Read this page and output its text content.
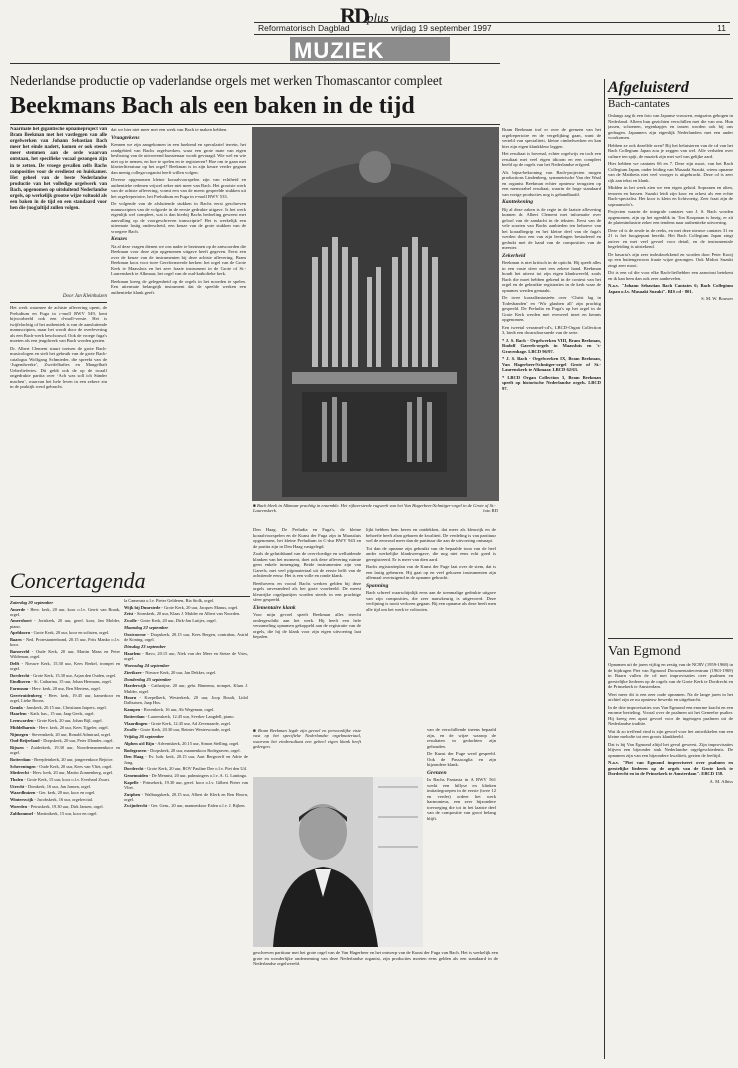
R
D
plus
Reformatorisch Dagblad	vrijdag 19 september 1997	11
MUZIEK
Nederlandse productie op vaderlandse orgels met werken Thomascantor compleet
Beekmans Bach als een baken in de tijd
Naarmate het gigantische opnameproject van Bram Beekman met het vastleggen van alle orgelwerken van Johann Sebastian Bach meer het einde nadert, komen er ook steeds meer stemmen aan de orde waarvan ontstaan, het specifieke vocaal gezongen zijn in te zetten. De vroege gevallen zelfs Bachs composities voor de eredienst en huiskamer. Het geheel van de beste Nederlandse productie van het volledige orgelwerk van Bach, opgenomen op uitsluitend Nederlandse orgels, op werkelijk grootse wijze voltooid als een baken in de tijd en een standaard voor hen die (nog)altijd zullen volgen.
Door Jan Kleinhuizen

Het werk waarmee de achtste aflevering opent, de Preludium en Fuga in c-moll BWV 549, kent bijvoorbeeld ook een d-moll-versie. Het is twijfelachtig of het authentiek is van de aansluitende manuscripten, maar het wordt door de overlevering als een Bach-werk beschouwd. Ook de vroege fuga's moeten als een jeugdwerk van Bach worden gezien.

Dr. Albert Clement stuurt toetsen de grote Bach-musicologen en stelt het gebruik van de grote Bach-catalogus Wolfgang Schmieder, die spreekt van de ‘Jugendwerke’, Zweifelhaftes en Mangelhaft Ueberliefertes. Dit geldt ook de op de twaalf ongedrukte partita over ‘Ach was soll ich Sünder machen’, waarvan het hele leven in een zekere zin in de praktijk werd gebracht.

dat we hier niet meer met een werk van Bach te maken hebben.

Vraagtekens

Kennen we zijn aangekomen in een hoekend en specularief terrein, het randgebied van Bachs orgelwerken, waar een grote mate van eigen beslissing van de uitvoerend kunstenaar wordt gevraagd. Wie wel en wie niet op te nemen, en hoe te spelen en te registreren? Hoe om te gaan met klavierliteratuur op het orgel? Beekman is in zijn keuze verder gegaan dan menig collega-organist heeft willen volgen.

Diverse opgenomen kleine koraalvoorspelen zijn van echtheid en authentieke redenen vrijwel zeker niet meer van Bach. Het grootste werk van de achtste aflevering, vormt een van de meest gespeelde stukken uit het orgelrepertoire, het Preludium en Fuga in e-moll BWV 533.

De volgende van de afsluitende stukken in Bachs eerst geschreven manuscripten van de volgorde in de eerste gedrukte uitgave. Is het werk eigenlijk wel compleet, wat is dan hierbij Bachs bedoeling geweest met aanvulling op de voorgeschreven transcriptie? Het is werkelijk een uitermate lastig onderscheid, een keuze van de grote stukken van de vroegere Bach.

Keuzes

Na al deze vragen dienen we ons nader te bezinnen op de antwoorden die Beekman voor deze zijn opgenomen uitgave heeft gegeven. Eerst een over de keuze van de instrumenten bij deze achtste aflevering. Bram Beekman koos voor twee Gereformeerde kerken: het orgel van de Grote Kerk te Maassluis en het zeer fraaie instrument in de Grote of St.-Laurenskerk te Alkmaar, het orgel van de oud-katholieke kerk.

Beekman kreeg de gelegenheid op de orgels in het noorden te spelen. Een uitermate belangrijk instrument dat de speelde werken een authentieke klank geeft.

Den Haag. De Preludia en Fuga's, de kleine koraalvoorspelen en de Kunst der Fuga zijn in Maassluis opgenomen, het kleine Preludium in C-dur BWV 943 en de partita zijn in Den Haag vastgelegd.

Zoals de geluidsband van de overvloedige en welluidende klanken van het moment, doet ook deze aflevering ruimte geen enkele inmenging. Beide instrumenten zijn van Garrels, met veel pijpmateriaal uit de eerste helft van de achttiende eeuw. Het is een volle en ronde klank.

Beethovens en vooral Bachs werken gelden bij deze orgels onveranderd als het grote voorbeeld. De meest kleurrijke orgelpartijen worden steeds in een prachtige sfeer gespeeld.

Elementaire klank

Voor mijn gevoel speelt Beekman alles terecht ondergeschikt aan het werk. Hij heeft een hele verzameling opnamen gekoppeld aan de registratie van de orgels, die hij de klank voor zijn eigen uitvoering laat bepalen.

lijkt hebben hem keren en ontdekken, dat meer als kleurrijk en de behoefte heeft alsm gebaren de kwaliteit. De verdeling is van partituur wel de eenvoud meer dan de partituur die aan de uitvoering ontsnapt.

Tot dan de opname zijn gebruikt van de bepaalde toon van de heel ander werkelijke klankweergave, die nog niet eens echt goed is geregistreerd. Er is meer van dien aard.

Bachs registratieplan van de Kunst der Fuge laat over de stem, dat is een lastig gebeuren. Hij gaat op en veel gekozen instrumenten zijn allemaal overtuigend in de opname gebracht.

Spanning

Bach schreef waarschijnlijk eens aan de toenmalige gedrukte uitgave van zijn composities, die zeer nauwkeurig is uitgevoerd. Deze verfijning is nooit verloren gegaan. Bij een opname als deze heeft men alle tijd om het werk te voltooien.

van de verschillende ineens bepaald zijn, en de wijze waarop de resultaten in gedachten zijn gehouden.

De Kunst der Fuge werd gespeeld. Ook de Passacaglia en zijn bijzondere klank.

Grenzen

In Bachs Fantasia in A BWV 561 werkt een hillyse en klinken imitatiegroepen in de eerste (twee 12 en verder) ordeer het werk harmonieus, een zeer bijzondere toevoeging die tot in het laatste deel van de compositie van groot belang blijft.

Bram Beekman trof er over de grenzen van het orgelrepertoire en de vergelijking gaan, want de verteld van specialiteit, kleine cimbelwerken en kan hier zijn eigen klankkleur leggen.

Het resultaat is bovenal, echter orgelwijs en toch een resultaat met veel eigen idioom en een compleet beeld op de orgels van het Nederlandse erfgoed.

Als bijna-bekroning van Bach-projecten mogen productions Lindenberg, symmetrische Van der Waal en organist Beekman echter opnieuw terugzien op een memorabel resultaat, waarin de hoge standaard van vorige producties nog is gehandhaafd.

Kanttekening

Bij al deze zaken is de regie in de laatste aflevering kunnen dr. Albert Clement met informatie over geloof van de aandacht in de teksten. Eerst van de vele soorten van Bachs aanbieden ten behoeve van het koraalbegrip en het kleine deel van de fuga's werden door een van zijn leerlingen bestudeerd en gedrukt met de hand van de composities van de meester.

Zekerheid

Beekman is niet kritisch in de opticht. Hij speelt alles in een vaste sfeer met een zekere hand. Beekman houdt het uiterst tot zijn eigen klankwereld, zoals Bach die moet hebben gekend in de context van het orgel en de gebruikte registraties in de kerk waar de opnames werden gemaakt.

De twee koraalfantasieën over ‘Christ lag in Todesbanden’ en ‘Wir glauben all’ zijn prachtig gespeeld. De Preludia en Fuga's op het orgel in de Grote Kerk werden met evenveel inzet en kennis opgenomen.

Een tweetal verzamel-cd's, LBCD-Organ Collection 3, biedt een dwarsdoorsnede van de serie.

* J. S. Bach - Orgelwerken VIII, Bram Beekman, Rudolf Garrels-orgels in Maassluis en 's-Gravenhage. LBCD 96/97.

* J. S. Bach - Orgelwerken IX, Bram Beekman, Van Hagerbeer/Schnitger-orgel Grote of St.-Laurenskerk te Alkmaar. LBCD 62/63.

* LBCD Organ Collection 3, Bram Beekman speelt op historische Nederlandse orgels. LBCD 97.

■ Bach bleek in Alkmaar prachtig in ensemble. Het rijkversierde rugwerk van het Van Hagerbeer/Schnitger-orgel in de Grote of St.-Laurenskerk.	foto RD
Concertagenda
Zaterdag 20 september

Amerde - Herv. kerk, 20 uur, koor o.l.v. Gerrit van Braak, orgel.

Amersfoort - Joriskerk, 20 uur, geref. koor, Jan Molder, piano.

Apeldoorn - Grote Kerk, 20 uur, koor en solisten, orgel.

Baarn - Ned. Protestantenbond, 20.15 uur, Frits Manko o.l.v. koor.

Barneveld - Oude Kerk, 20 uur, Martin Mans en Peter Wildeman, orgel.

Delft - Nieuwe Kerk, 15.30 uur, Kees Berkel, trompet en orgel.

Dordrecht - Grote Kerk, 15.30 uur, Arjan den Ouden, orgel.

Eindhoven - St. Catharina, 15 uur, Johan Hermans, orgel.

Farmsum - Herv. kerk, 20 uur, Ben Mertens, orgel.

Geertruidenberg - Herv. kerk, 19.45 uur, kamerkoor en orgel, Lieke Boons.

Gouda - Janskerk, 20.15 uur, Christiaan Jaspers, orgel.

Haarlem - Kath. bas., 15 uur, Jaap Geels, orgel.

Leeuwarden - Grote Kerk, 20 uur, Johan Bijl, orgel.

Middelharnis - Herv. kerk, 20 uur, Kees Tijgeler, orgel.

Nijmegen - Stevenskerk, 20 uur, Ronald Admiraal, orgel.

Oud-Beijerland - Dorpskerk, 20 uur, Peter IJlander, orgel.

Rijssen - Zuiderkerk, 19.30 uur, Noordermannenkoor en orgel.

Rotterdam - Breepleinkerk, 20 uur, jongerenkoor Rejoice.

Scheveningen - Oude Kerk, 20 uur, Kees van Vliet, orgel.

Sliedrecht - Herv. kerk, 20 uur, Martin Zonnenberg, orgel.

Tholen - Grote Kerk, 15 uur, koor o.l.v. Everhard Zwart.

Utrecht - Domkerk, 16 uur, Jan Jansen, orgel.

Waardhuizen - Ger. kerk, 20 uur, koor en orgel.

Winterswijk - Jacobskerk, 16 uur, orgelrecital.

Woerden - Petruskerk, 19.30 uur, Dirk Jansen, orgel.

Zaltbommel - Martinikerk, 15 uur, koor en orgel.

la Camerata o.l.v. Pieter Gelderen, Ria Stolk, orgel.

Wijk bij Duurstede - Grote Kerk, 20 uur, Jacques Manus, orgel.

Zeist - Sionskerk, 20 uur, Klaas J. Mulder en Albert van Noorden.

Zwolle - Grote Kerk, 20 uur, Dirk-Jan Luitjes, orgel.

Maandag 22 september

Oostvoorne - Dorpskerk, 20.15 uur, Kees Bergen, contrabas, Astrid de Koning, orgel.

Dinsdag 23 september

Haarlem - Bavo, 20.15 uur, Niek van der Meer en Sietze de Vries, orgel.

Woensdag 24 september

Zierikzee - Nieuwe Kerk, 20 uur, Jan Dekker, orgel.

Donderdag 25 september

Harderwijk - Catharijne, 20 uur, gebr. Binnema, trompet, Klaas J. Mulder, orgel.

Hoorn - Koepelkerk, Westerkerk, 20 uur, Joop Boudt, Lidol Dalhuisen, Jaap Hos.

Kampen - Bovenkerk, 16 uur, Ab Wegeman, orgel.

Rotterdam - Laurenskerk, 12.45 uur, Sverker Langdell, piano.

Vlaardingen - Grote Kerk, 12.45 uur, Ad Zevenaarde, orgel.

Zwolle - Grote Kerk, 20.30 uur, Reinier Westerwoude, orgel.

Vrijdag 26 september

Alphen a/d Rijn - Adventskerk, 20.15 uur, Simon Stelling, orgel.

Bodegraven - Dorpskerk, 20 uur, mannenkoor Bodegraven, orgel.

Den Haag - Ev. luth. kerk, 20.15 uur, Aart Bergwerff en Adrie de Jong.

Dordrecht - Grote Kerk, 20 uur, ROV Pauline Dee o.l.v. Piet den Uil.

Genemuiden - De Mennist, 20 uur, palmsingers o.l.v. A. G. Lantinga.

Kapelle - Prinsekerk, 19.30 uur, geref. koor o.l.v. Gilbert Pieter van Vliet.

Zutphen - Walburgskerk, 20.15 uur, Albert de Klerk en Ben Hoorn, orgel.

Zwijndrecht - Ger. Gem., 20 uur, mannenkoor Eiden o.l.v. J. Rijken.

■ Bram Beekman legde zijn gevoel en persoonlijke visie vast op het specifieke Nederlandse orgelmateriaal, waarvan het eindresultaat een geheel eigen klank heeft gekregen.

geschreven partituur met het grote orgel van de Van Hagerbeer en het ontwerp van de Kunst der Fuga van Bach. Het is werkelijk een grote en wonderlijke onderneming van deze Nederlandse organist, zijn producties moeten eens gelden als een standaard in de Nederlandse orgelwereld.

Afgeluisterd
Bach-cantates

Onlangs zag ik een foto van Japanse vrouwen, enigszins gebogen in Nederland. Alleen hun gezichten verschillen met die van ons. Hun jassen, schoenen, regenkapjes en tassen worden ook bij ons gedragen. Japanners zijn eigenlijk Nederlanders met een ander voorkomen.

Hebben ze ook dezelfde oren? Bij het beluisteren van de cd van het Bach Collegium Japan zou je zeggen van wel. Alle verhalen over culture ten spijt, de muziek zijn met wel van gelijke aard.

Hier hebben we cantates 66 en 7. Deze zijn mooi, van het Bach Collegium Japan, onder leiding van Masaaki Suzuki, wiens opname van de Mattheüs niet veel vroeger is uitgebracht. Deze cd is zeer rijk aan tekst en klank.

Midden in het werk zien we een eigen geluid. Sopranen en alten, tenoren en bassen. Suzuki leidt zijn koor en orkest als een echte Bach-specialist. Het koor is klein en lichtvoetig. Zeer fraai zijn de sopraansolo's.

Projecten waarin de integrale cantates van J. S. Bach worden opgenomen, zijn op het ogenblik in. Ton Koopman is bezig, er zit de platenindustrie zeker een tendens naar authentieke uitvoering.

Deze cd is de zesde in de reeks, en met deze nieuwe cantates 31 en 21 is het hoogtepunt bereikt. Het Bach Collegium Japan zingt zuiver en met veel gevoel voor detail, en de instrumentale begeleiding is uitstekend.

De basaria's zijn zeer indrukwekkend en worden door Peter Kooij op een buitengewoon fraaie wijze gezongen. Ook Midori Suzuki zingt zeer mooi.

Dit is een cd die voor elke Bach-liefhebber een aanwinst betekent en ik kan hem dan ook zeer aanbevelen.

N.a.v. "Johann Sebastian Bach Cantates 6; Bach Collegium Japan o.l.v. Masaaki Suzuki". BIS cd - 801.

S. M. W. Bouwer

Van Egmond

Opnamen uit de jaren vijftig en zestig van de NCRV (1959-1968) in de bijdragen Piet van Egmond Documentatiecentrum (1963-1969) in Baarn vullen de cd met improvisaties over psalmen en geestelijke liederen op de orgels van de Grote Kerk te Dordrecht en de Prinsekerk te Amsterdam.

Wert meer dit is een zeer oude opnamen. Na de lange jaren in het archief zijn ze nu opnieuw bewerkt en uitgebracht.

In de drie improvisaties was Van Egmond een enorme kracht en een enorme bezieling. Vooral over de psalmen uit het Geneefse psalter. Hij kreeg een apart gevoel voor de ingetogen psalmen uit de Nederlandse traditie.

Wat ik zo treffend vind is zijn gevoel voor het ontwikkelen van een kleine melodie tot een groots klankbeeld.

Dat is bij Van Egmond altijd het geval geweest. Zijn improvisaties blijven een bijzonder stuk Nederlandse orgelgeschiedenis. De opnamen zijn van een bijzondere kwaliteit, gezien de leeftijd.

N.a.v. "Piet van Egmond improviseert over psalmen en geestelijke liederen op de orgels van de Grote kerk te Dordrecht en in de Prinsekerk te Amsterdam". EBCD 158.

A. M. Albiss
